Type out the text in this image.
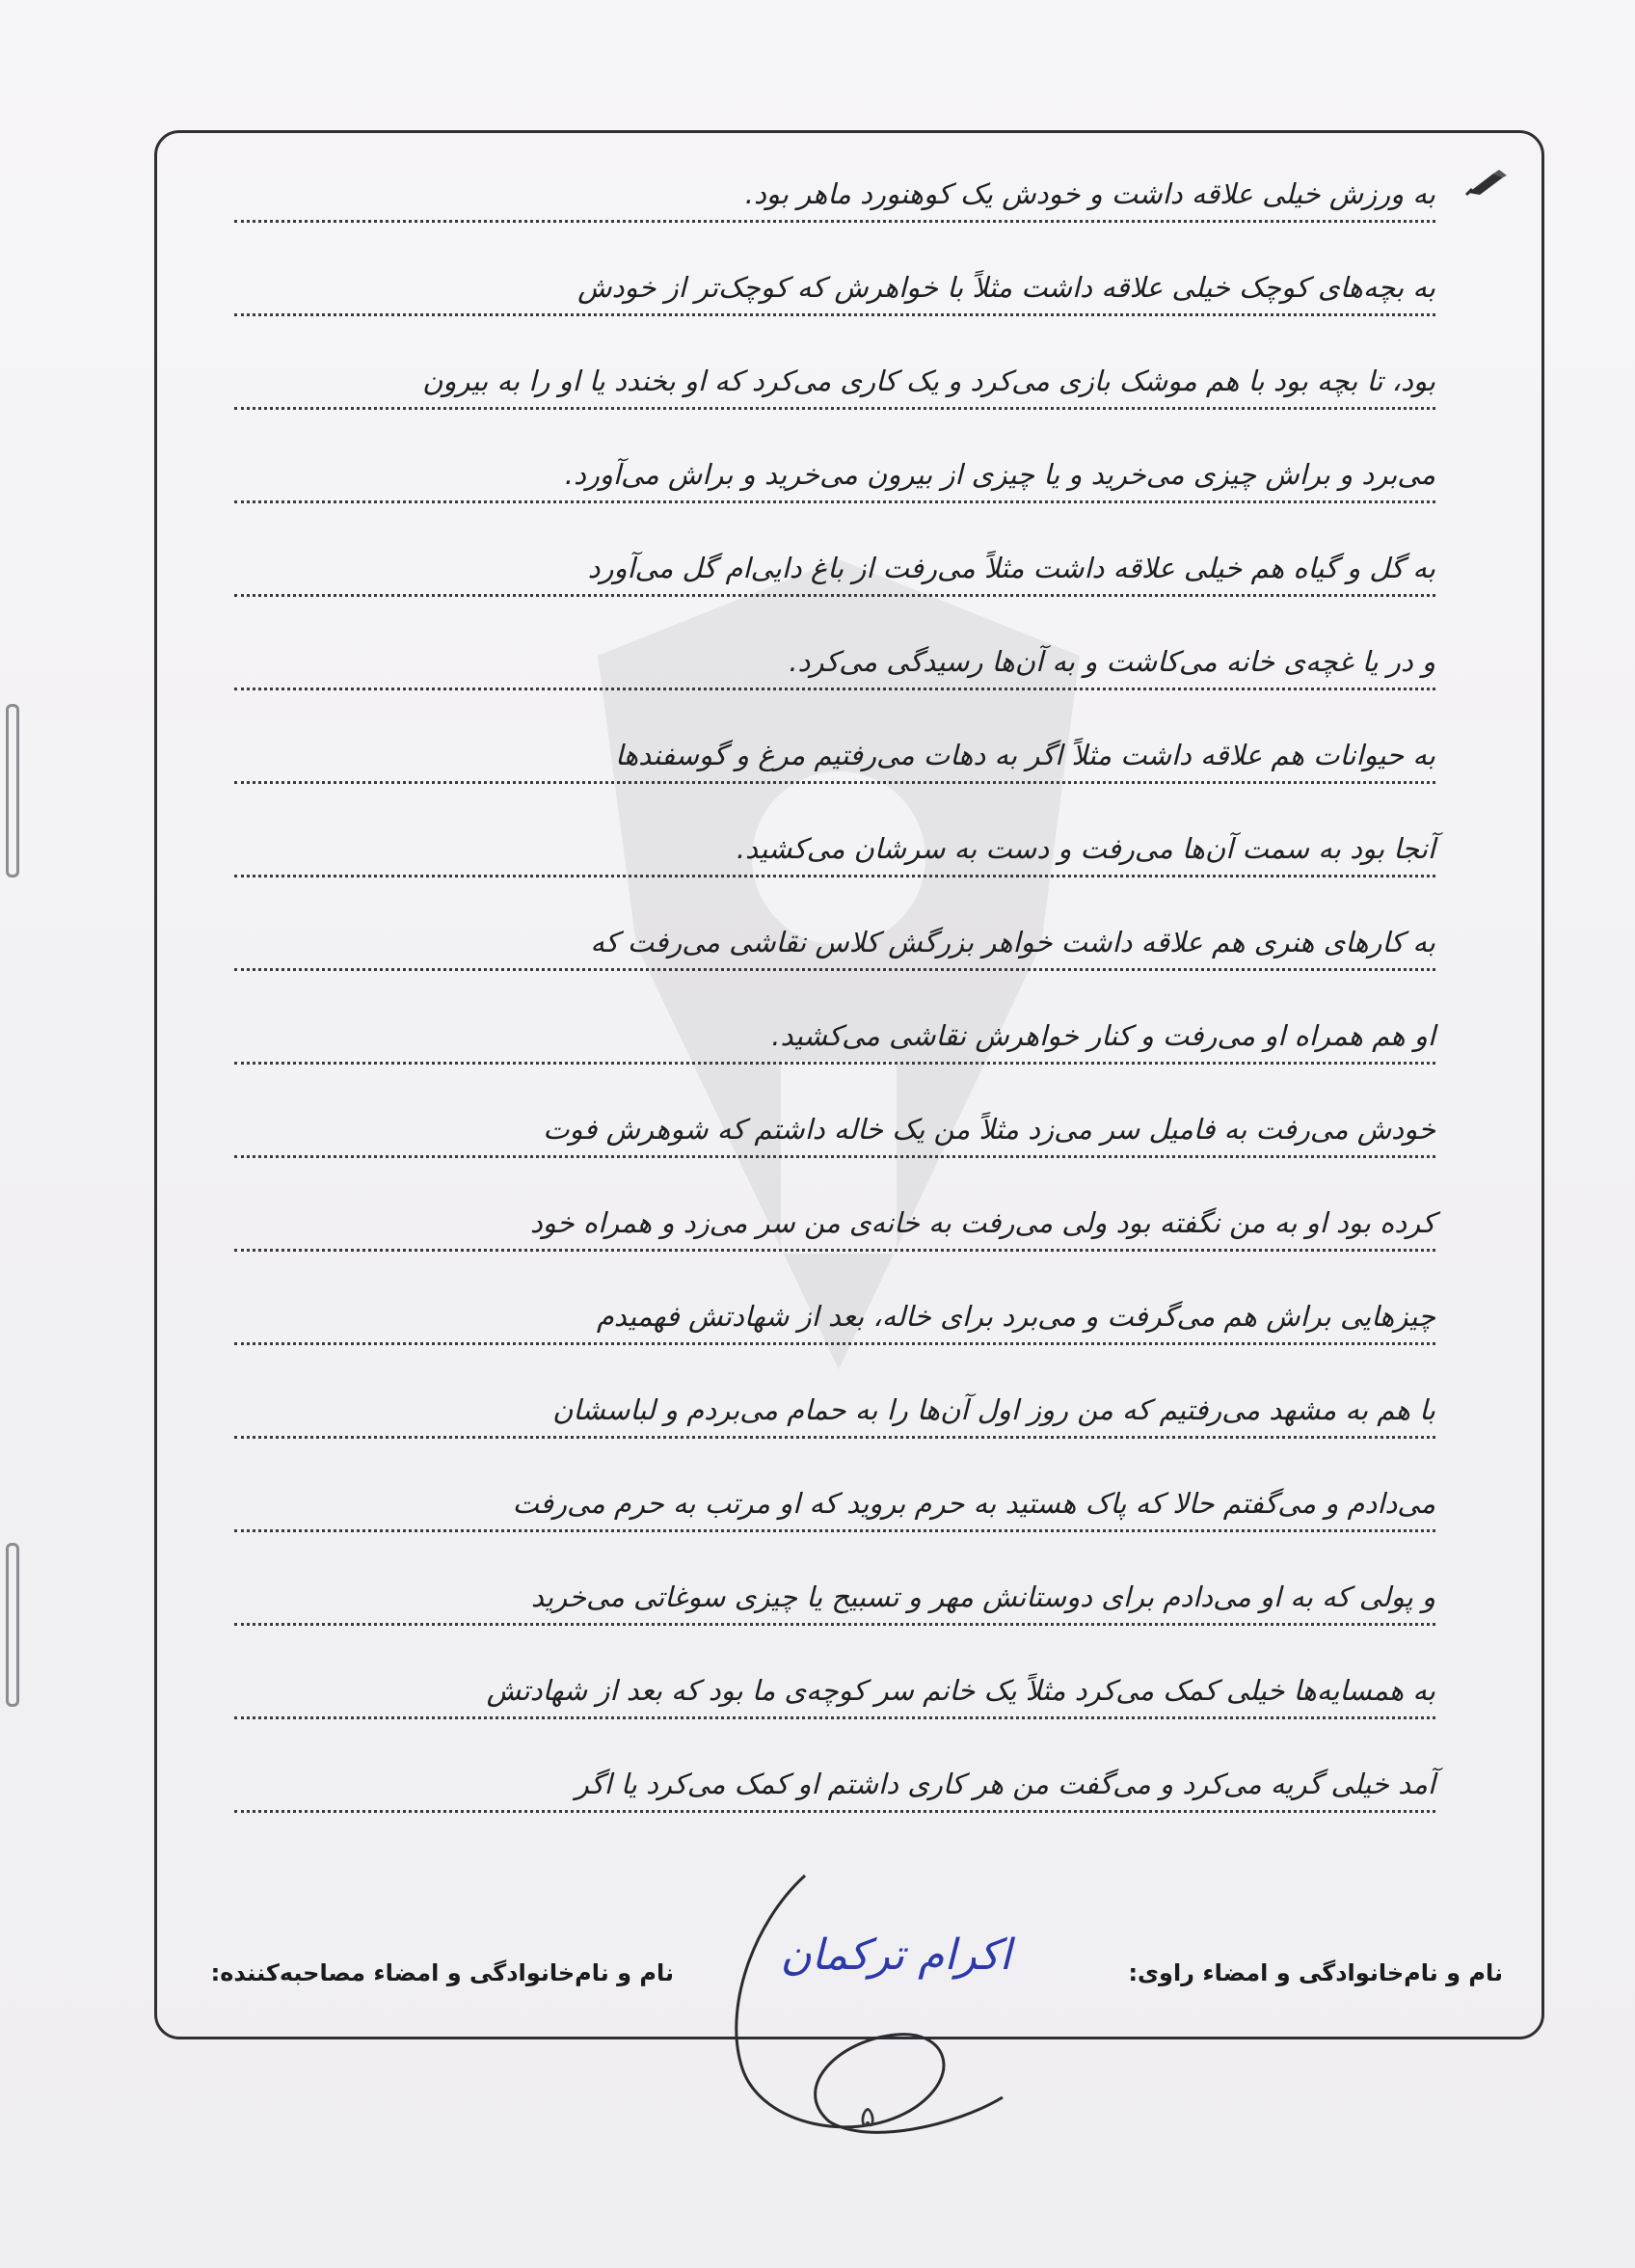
به ورزش خیلی علاقه داشت و خودش یک کوهنورد ماهر بود.
به بچه‌های کوچک خیلی علاقه داشت مثلاً با خواهرش که کوچک‌تر از خودش
بود، تا بچه بود با هم موشک بازی می‌کرد و یک کاری می‌کرد که او بخندد یا او را به بیرون
می‌برد و براش چیزی می‌خرید و یا چیزی از بیرون می‌خرید و براش می‌آورد.
به گل و گیاه هم خیلی علاقه داشت مثلاً می‌رفت از باغ دایی‌ام گل می‌آورد
و در یا غچه‌ی خانه می‌کاشت و به آن‌ها رسیدگی می‌کرد.
به حیوانات هم علاقه داشت مثلاً اگر به دهات می‌رفتیم مرغ و گوسفندها
آنجا بود به سمت آن‌ها می‌رفت و دست به سرشان می‌کشید.
به کارهای هنری هم علاقه داشت خواهر بزرگش کلاس نقاشی می‌رفت که
او هم همراه او می‌رفت و کنار خواهرش نقاشی می‌کشید.
خودش می‌رفت به فامیل سر می‌زد مثلاً من یک خاله داشتم که شوهرش فوت
کرده بود او به من نگفته بود ولی می‌رفت به خانه‌ی من سر می‌زد و همراه خود
چیزهایی براش هم می‌گرفت و می‌برد برای خاله، بعد از شهادتش فهمیدم
با هم به مشهد می‌رفتیم که من روز اول آن‌ها را به حمام می‌بردم و لباسشان
می‌دادم و می‌گفتم حالا که پاک هستید به حرم بروید که او مرتب به حرم می‌رفت
و پولی که به او می‌دادم برای دوستانش مهر و تسبیح یا چیزی سوغاتی می‌خرید
به همسایه‌ها خیلی کمک می‌کرد مثلاً یک خانم سر کوچه‌ی ما بود که بعد از شهادتش
آمد خیلی گریه می‌کرد و می‌گفت من هر کاری داشتم او کمک می‌کرد یا اگر
نام و نام‌خانوادگی و امضاء راوی:
اکرام ترکمان
نام و نام‌خانوادگی و امضاء مصاحبه‌کننده:
۵
